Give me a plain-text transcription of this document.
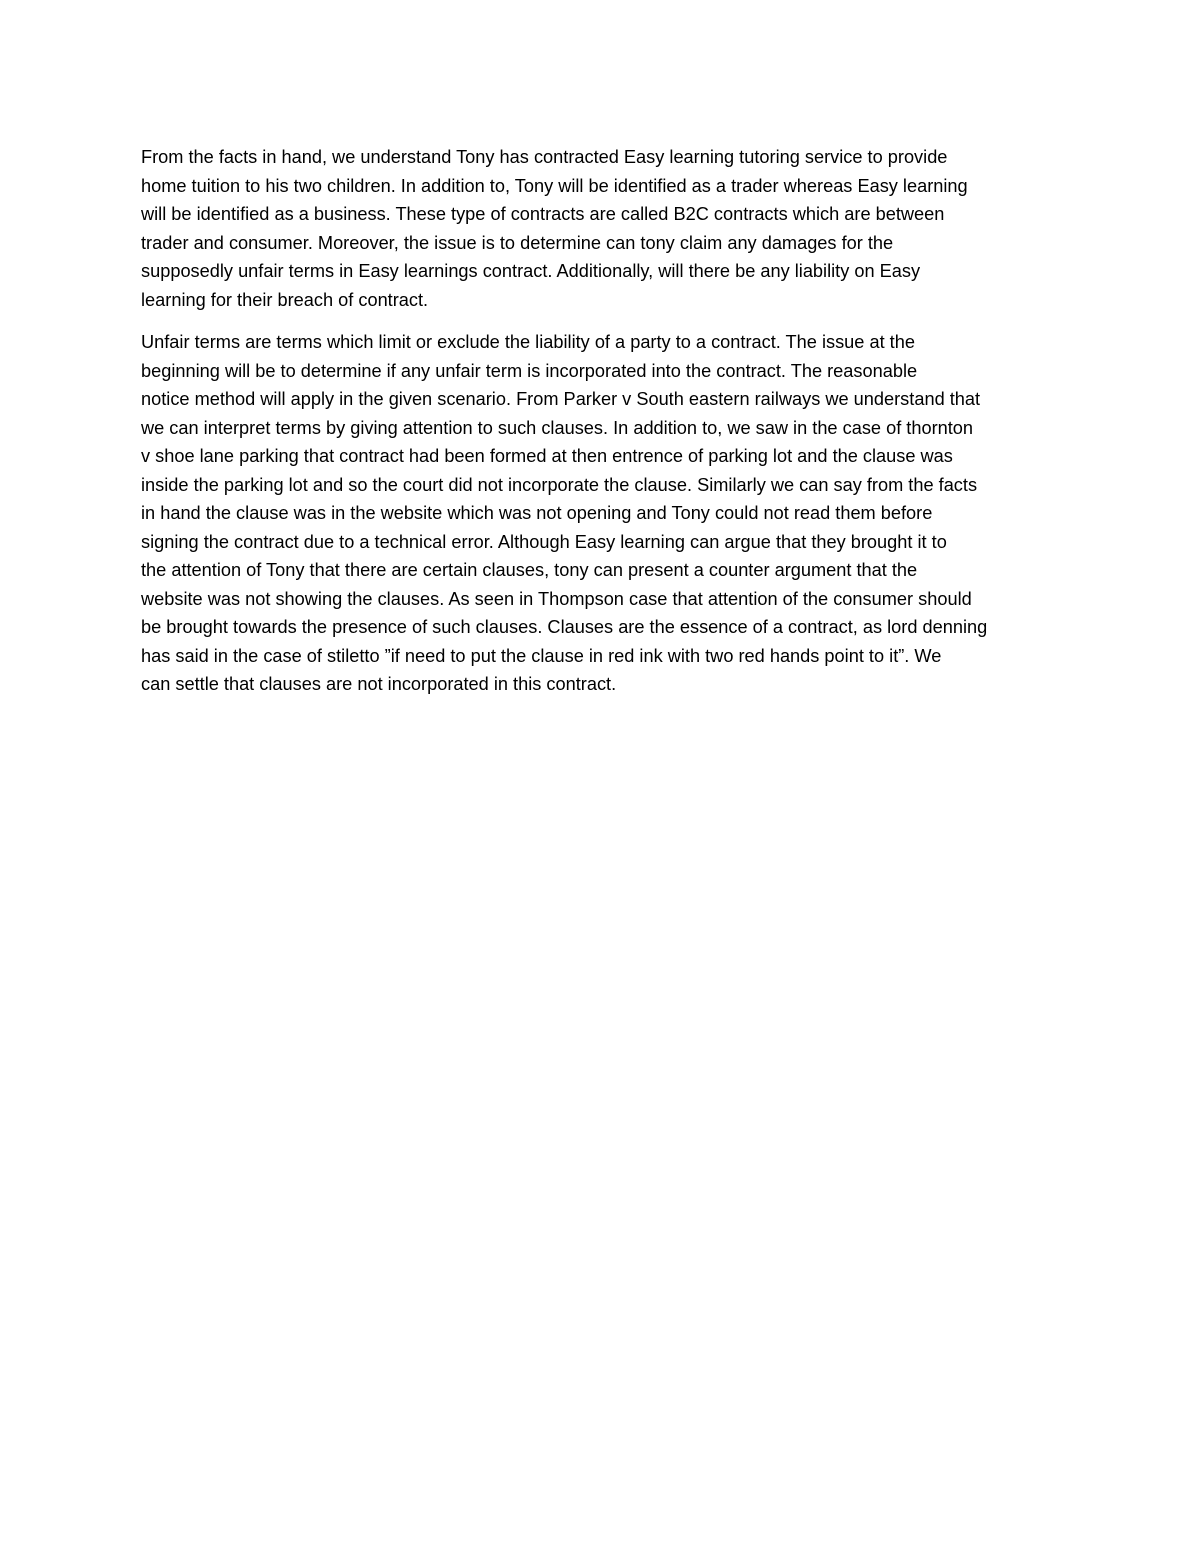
From the facts in hand, we understand Tony has contracted Easy learning tutoring service to provide
home tuition to his two children. In addition to, Tony will be identified as a trader whereas Easy learning
will be identified as a business. These type of contracts are called B2C contracts which are between
trader and consumer. Moreover, the issue is to determine can tony claim any damages for the
supposedly unfair terms in Easy learnings contract. Additionally, will there be any liability on Easy
learning for their breach of contract.

Unfair terms are terms which limit or exclude the liability of a party to a contract. The issue at the
beginning will be to determine if any unfair term is incorporated into the contract. The reasonable
notice method will apply in the given scenario. From Parker v South eastern railways we understand that
we can interpret terms by giving attention to such clauses. In addition to, we saw in the case of thornton
v shoe lane parking that contract had been formed at then entrence of parking lot and the clause was
inside the parking lot and so the court did not incorporate the clause. Similarly we can say from the facts
in hand the clause was in the website which was not opening and Tony could not read them before
signing the contract due to a technical error. Although Easy learning can argue that they brought it to
the attention of Tony that there are certain clauses, tony can present a counter argument that the
website was not showing the clauses. As seen in Thompson case that attention of the consumer should
be brought towards the presence of such clauses. Clauses are the essence of a contract, as lord denning
has said in the case of stiletto ”if need to put the clause in red ink with two red hands point to it”. We
can settle that clauses are not incorporated in this contract.
